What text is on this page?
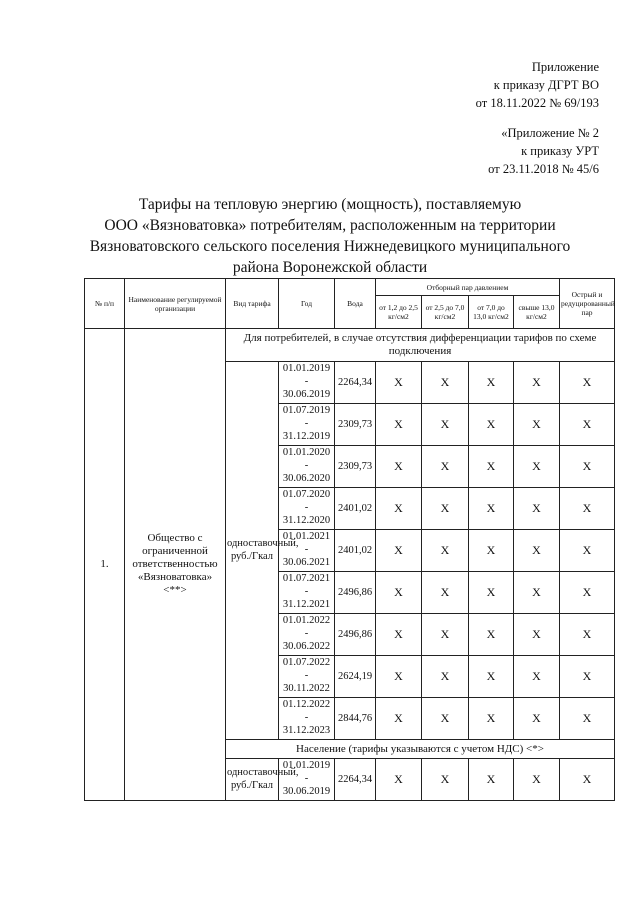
Приложение
к приказу ДГРТ ВО
от 18.11.2022 № 69/193
«Приложение № 2
к приказу УРТ
от 23.11.2018 № 45/6
Тарифы на тепловую энергию (мощность), поставляемую
ООО «Вязноватовка» потребителям, расположенным на территории
Вязноватовского сельского поселения Нижнедевицкого муниципального
района Воронежской области
№ п/п	Наименование регулируемой организации	Вид тарифа	Год	Вода	Отборный пар давлением				Острый и редуцированный пар
					от 1,2 до 2,5 кг/см2	от 2,5 до 7,0 кг/см2	от 7,0 до 13,0 кг/см2	свыше 13,0 кг/см2	
1.	Общество с ограниченной ответственностью «Вязноватовка» <**>	Для потребителей, в случае отсутствия дифференциации тарифов по схеме подключения							
		одноставочный, руб./Гкал	01.01.2019
-
30.06.2019	2264,34	X	X	X	X	X

			01.07.2019
-
31.12.2019	2309,73	X	X	X	X	X

			01.01.2020
-
30.06.2020	2309,73	X	X	X	X	X

			01.07.2020
-
31.12.2020	2401,02	X	X	X	X	X

			01.01.2021
-
30.06.2021	2401,02	X	X	X	X	X

			01.07.2021
-
31.12.2021	2496,86	X	X	X	X	X

			01.01.2022
-
30.06.2022	2496,86	X	X	X	X	X

			01.07.2022
-
30.11.2022	2624,19	X	X	X	X	X

			01.12.2022
-
31.12.2023	2844,76	X	X	X	X	X
		Население (тарифы указываются с учетом НДС) <*>							
		одноставочный, руб./Гкал	01.01.2019
-
30.06.2019	2264,34	X	X	X	X	X
